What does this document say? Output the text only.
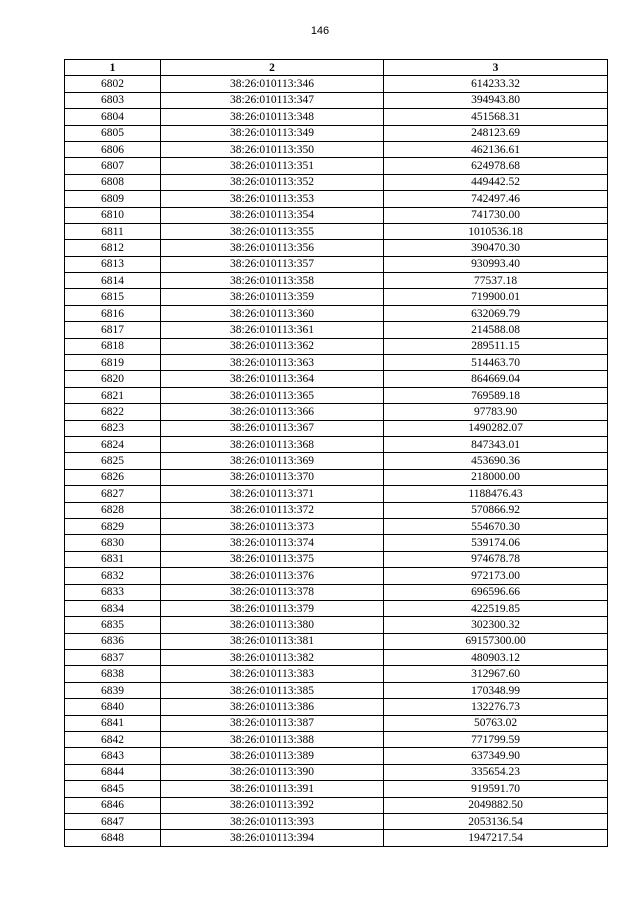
146
1	2	3
6802	38:26:010113:346	614233.32
6803	38:26:010113:347	394943.80
6804	38:26:010113:348	451568.31
6805	38:26:010113:349	248123.69
6806	38:26:010113:350	462136.61
6807	38:26:010113:351	624978.68
6808	38:26:010113:352	449442.52
6809	38:26:010113:353	742497.46
6810	38:26:010113:354	741730.00
6811	38:26:010113:355	1010536.18
6812	38:26:010113:356	390470.30
6813	38:26:010113:357	930993.40
6814	38:26:010113:358	77537.18
6815	38:26:010113:359	719900.01
6816	38:26:010113:360	632069.79
6817	38:26:010113:361	214588.08
6818	38:26:010113:362	289511.15
6819	38:26:010113:363	514463.70
6820	38:26:010113:364	864669.04
6821	38:26:010113:365	769589.18
6822	38:26:010113:366	97783.90
6823	38:26:010113:367	1490282.07
6824	38:26:010113:368	847343.01
6825	38:26:010113:369	453690.36
6826	38:26:010113:370	218000.00
6827	38:26:010113:371	1188476.43
6828	38:26:010113:372	570866.92
6829	38:26:010113:373	554670.30
6830	38:26:010113:374	539174.06
6831	38:26:010113:375	974678.78
6832	38:26:010113:376	972173.00
6833	38:26:010113:378	696596.66
6834	38:26:010113:379	422519.85
6835	38:26:010113:380	302300.32
6836	38:26:010113:381	69157300.00
6837	38:26:010113:382	480903.12
6838	38:26:010113:383	312967.60
6839	38:26:010113:385	170348.99
6840	38:26:010113:386	132276.73
6841	38:26:010113:387	50763.02
6842	38:26:010113:388	771799.59
6843	38:26:010113:389	637349.90
6844	38:26:010113:390	335654.23
6845	38:26:010113:391	919591.70
6846	38:26:010113:392	2049882.50
6847	38:26:010113:393	2053136.54
6848	38:26:010113:394	1947217.54
